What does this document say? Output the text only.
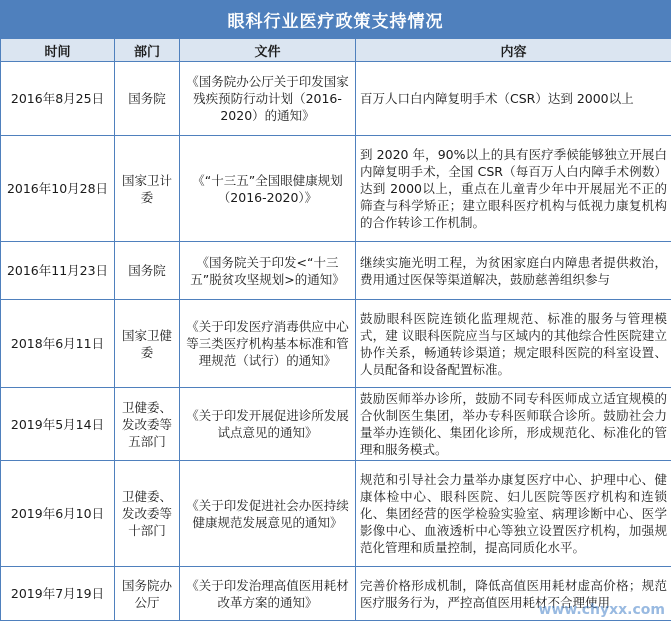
眼科行业医疗政策支持情况
时间	部门	文件	内容
2016年8月25日	国务院	《国务院办公厅关于印发国家残疾预防行动计划（2016-2020）的通知》	百万人口白内障复明手术（CSR）达到 2000以上
2016年10月28日	国家卫计委	《“十三五”全国眼健康规划（2016-2020）》	到 2020 年，90%以上的具有医疗季候能够独立开展白内障复明手术，全国 CSR（每百万人白内障手术例数）达到 2000以上，重点在儿童青少年中开展屈光不正的筛查与科学矫正；建立眼科医疗机构与低视力康复机构的合作转诊工作机制。
2016年11月23日	国务院	《国务院关于印发<“十三五”脱贫攻坚规划>的通知》	继续实施光明工程，为贫困家庭白内障患者提供救治，费用通过医保等渠道解决，鼓励慈善组织参与
2018年6月11日	国家卫健委	《关于印发医疗消毒供应中心等三类医疗机构基本标准和管理规范（试行）的通知》	鼓励眼科医院连锁化监理规范、标准的服务与管理模式，建 议眼科医院应当与区域内的其他综合性医院建立协作关系，畅通转诊渠道；规定眼科医院的科室设置、人员配备和设备配置标准。
2019年5月14日	卫健委、发改委等五部门	《关于印发开展促进诊所发展试点意见的通知》	鼓励医师举办诊所，鼓励不同专科医师成立适宜规模的合伙制医生集团，举办专科医师联合诊所。鼓励社会力量举办连锁化、集团化诊所，形成规范化、标准化的管理和服务模式。
2019年6月10日	卫健委、发改委等十部门	《关于印发促进社会办医持续健康规范发展意见的通知》	规范和引导社会力量举办康复医疗中心、护理中心、健康体检中心、眼科医院、妇儿医院等医疗机构和连锁化、集团经营的医学检验实验室、病理诊断中心、医学影像中心、血液透析中心等独立设置医疗机构，加强规范化管理和质量控制，提高同质化水平。
2019年7月19日	国务院办公厅	《关于印发治理高值医用耗材改革方案的通知》	完善价格形成机制，降低高值医用耗材虚高价格；规范医疗服务行为，严控高值医用耗材不合理使用
www.chyxx.com
